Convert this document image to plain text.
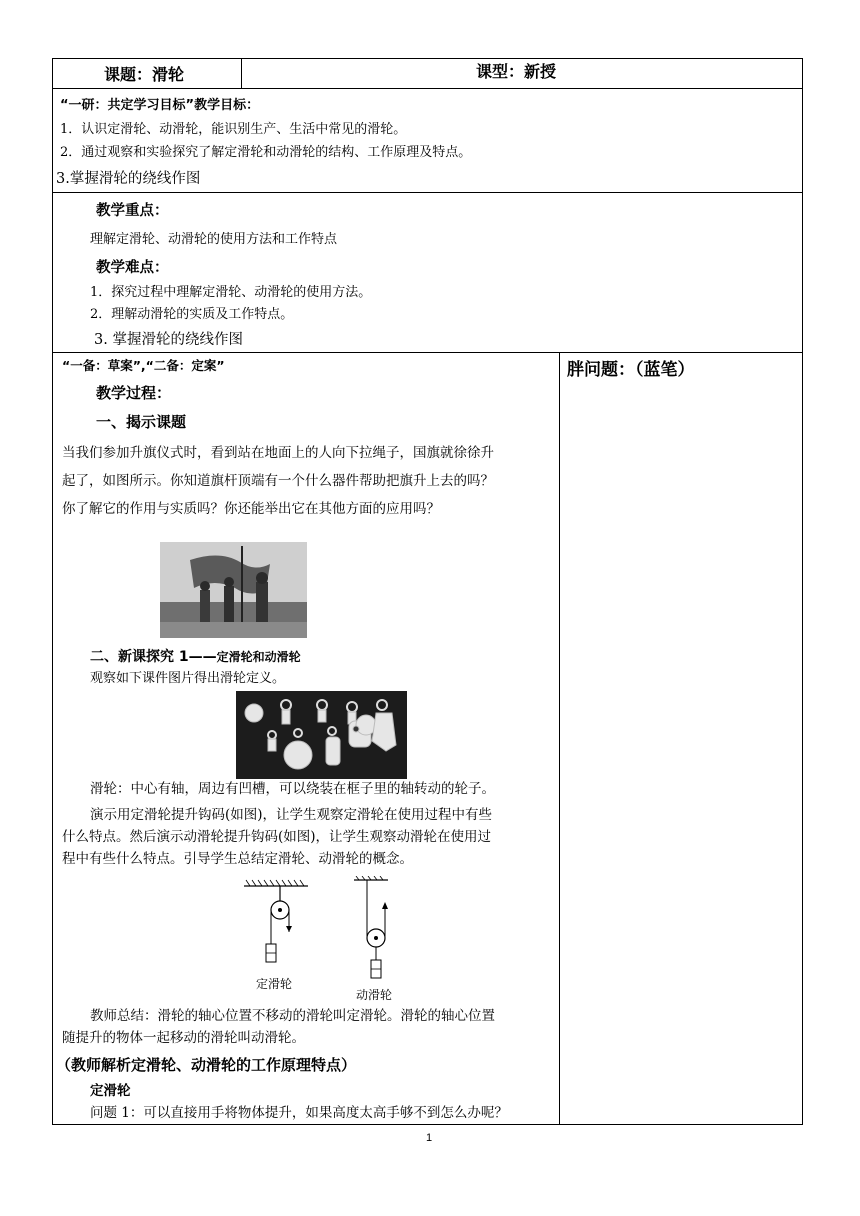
课题：滑轮	课型：新授
“一研：共定学习目标”教学目标：
1．认识定滑轮、动滑轮，能识别生产、生活中常见的滑轮。
2．通过观察和实验探究了解定滑轮和动滑轮的结构、工作原理及特点。
3.掌握滑轮的绕线作图
教学重点：
理解定滑轮、动滑轮的使用方法和工作特点
教学难点：
1．探究过程中理解定滑轮、动滑轮的使用方法。
2．理解动滑轮的实质及工作特点。
3. 掌握滑轮的绕线作图
“一备：草案”,“二备：定案”	胖问题：（蓝笔）
教学过程：
一、揭示课题
当我们参加升旗仪式时，看到站在地面上的人向下拉绳子，国旗就徐徐升
起了，如图所示。你知道旗杆顶端有一个什么器件帮助把旗升上去的吗？
你了解它的作用与实质吗？你还能举出它在其他方面的应用吗？
二、新课探究 1——定滑轮和动滑轮
观察如下课件图片得出滑轮定义。
滑轮：中心有轴，周边有凹槽，可以绕装在框子里的轴转动的轮子。
演示用定滑轮提升钩码(如图)，让学生观察定滑轮在使用过程中有些
什么特点。然后演示动滑轮提升钩码(如图)，让学生观察动滑轮在使用过
程中有些什么特点。引导学生总结定滑轮、动滑轮的概念。
定滑轮
动滑轮
教师总结：滑轮的轴心位置不移动的滑轮叫定滑轮。滑轮的轴心位置
随提升的物体一起移动的滑轮叫动滑轮。
（教师解析定滑轮、动滑轮的工作原理特点）
定滑轮
问题 1：可以直接用手将物体提升，如果高度太高手够不到怎么办呢？
1
